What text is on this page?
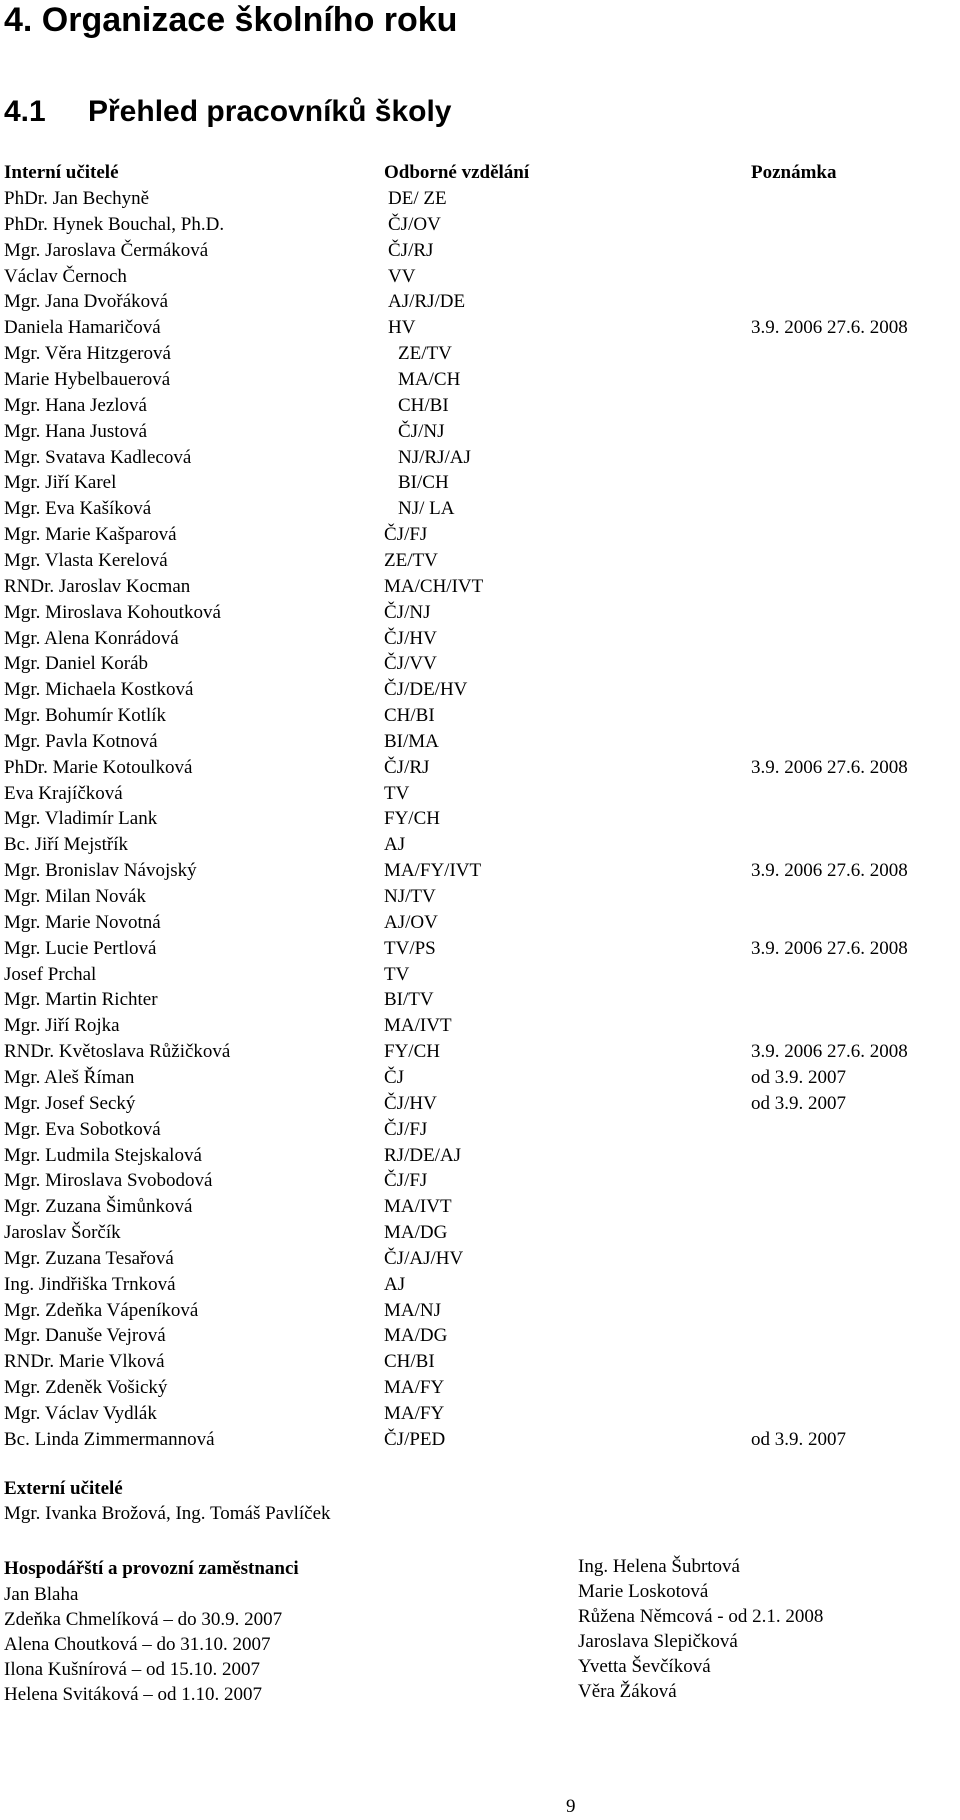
4. Organizace školního roku
4.1 Přehled pracovníků školy
Interní učitelé	Odborné vzdělání	Poznámka
PhDr. Jan Bechyně	DE/ ZE
PhDr. Hynek Bouchal, Ph.D.	ČJ/OV
Mgr. Jaroslava Čermáková	ČJ/RJ
Václav Černoch	VV
Mgr. Jana Dvořáková	AJ/RJ/DE
Daniela Hamaričová	HV	3.9. 2006 27.6. 2008
Mgr. Věra Hitzgerová	ZE/TV
Marie Hybelbauerová	MA/CH
Mgr. Hana Jezlová	CH/BI
Mgr. Hana Justová	ČJ/NJ
Mgr. Svatava Kadlecová	NJ/RJ/AJ
Mgr. Jiří Karel	BI/CH
Mgr. Eva Kašíková	NJ/ LA
Mgr. Marie Kašparová	ČJ/FJ
Mgr. Vlasta Kerelová	ZE/TV
RNDr. Jaroslav Kocman	MA/CH/IVT
Mgr. Miroslava Kohoutková	ČJ/NJ
Mgr. Alena Konrádová	ČJ/HV
Mgr. Daniel Koráb	ČJ/VV
Mgr. Michaela Kostková	ČJ/DE/HV
Mgr. Bohumír Kotlík	CH/BI
Mgr. Pavla Kotnová	BI/MA
PhDr. Marie Kotoulková	ČJ/RJ	3.9. 2006 27.6. 2008
Eva Krajíčková	TV
Mgr. Vladimír Lank	FY/CH
Bc. Jiří Mejstřík	AJ
Mgr. Bronislav Návojský	MA/FY/IVT	3.9. 2006 27.6. 2008
Mgr. Milan Novák	NJ/TV
Mgr. Marie Novotná	AJ/OV
Mgr. Lucie Pertlová	TV/PS	3.9. 2006 27.6. 2008
Josef Prchal	TV
Mgr. Martin Richter	BI/TV
Mgr. Jiří Rojka	MA/IVT
RNDr. Květoslava Růžičková	FY/CH	3.9. 2006 27.6. 2008
Mgr. Aleš Říman	ČJ	od 3.9. 2007
Mgr. Josef Secký	ČJ/HV	od 3.9. 2007
Mgr. Eva Sobotková	ČJ/FJ
Mgr. Ludmila Stejskalová	RJ/DE/AJ
Mgr. Miroslava Svobodová	ČJ/FJ
Mgr. Zuzana Šimůnková	MA/IVT
Jaroslav Šorčík	MA/DG
Mgr. Zuzana Tesařová	ČJ/AJ/HV
Ing. Jindřiška Trnková	AJ
Mgr. Zdeňka Vápeníková	MA/NJ
Mgr. Danuše Vejrová	MA/DG
RNDr. Marie Vlková	CH/BI
Mgr. Zdeněk Vošický	MA/FY
Mgr. Václav Vydlák	MA/FY
Bc. Linda Zimmermannová	ČJ/PED	od 3.9. 2007
Externí učitelé
Mgr. Ivanka Brožová, Ing. Tomáš Pavlíček
Hospodářští a provozní zaměstnanci
Jan Blaha
Zdeňka Chmelíková – do 30.9. 2007
Alena Choutková – do 31.10. 2007
Ilona Kušnírová – od 15.10. 2007
Helena Svitáková – od 1.10. 2007
Ing. Helena Šubrtová
Marie Loskotová
Růžena Němcová - od 2.1. 2008
Jaroslava Slepičková
Yvetta Ševčíková
Věra Žáková
9
